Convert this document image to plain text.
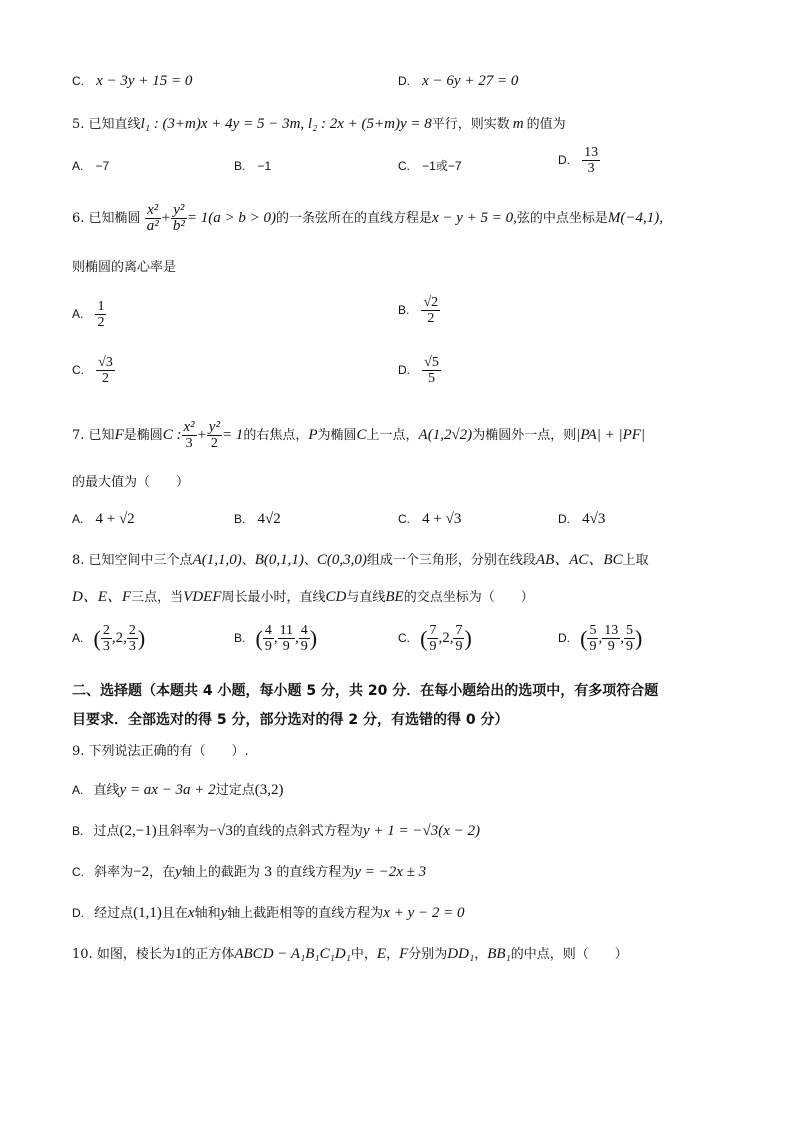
C. x − 3y + 15 = 0	D. x − 6y + 27 = 0
5. 已知直线l₁ : (3+m)x + 4y = 5 − 3m, l₂ : 2x + (5+m)y = 8平行，则实数 m 的值为
A. −7	B. −1	C. −1或−7	D. $\frac{13}{3}$
6. 已知椭圆 $\frac{\text{x²}}{\text{a²}} + \frac{\text{y²}}{\text{b²}} = 1(a > b > 0)$的一条弦所在的直线方程是x − y + 5 = 0,弦的中点坐标是M(−4,1),
则椭圆的离心率是
A. $\frac{1}{2}$	B. $\frac{√2}{2}$
C. $\frac{√3}{2}$	D. $\frac{√5}{5}$
7. 已知F是椭圆C : $\frac{\text{x²}}{3} + \frac{\text{y²}}{2} = 1$的右焦点，P为椭圆C上一点，A(1,2√2)为椭圆外一点，则|PA| + |PF|
的最大值为（　　）
A. 4 + √2	B. 4√2	C. 4 + √3	D. 4√3
8. 已知空间中三个点A(1,1,0)、B(0,1,1)、C(0,3,0)组成一个三角形，分别在线段AB、AC、BC上取
D、E、F三点，当VDEF周长最小时，直线CD与直线BE的交点坐标为（　　）
A. ( $\frac{2}{3} ,2$, $\frac{2}{3}$ )	B. ( $\frac{4}{9}$ , $\frac{11}{9}$ , $\frac{4}{9}$ )	C. ( $\frac{7}{9} ,2$, $\frac{7}{9}$ )	D. ( $\frac{5}{9}$ , $\frac{13}{9}$ , $\frac{5}{9}$ )
二、选择题（本题共 4 小题，每小题 5 分，共 20 分．在每小题给出的选项中，有多项符合题
目要求．全部选对的得 5 分，部分选对的得 2 分，有选错的得 0 分）
9. 下列说法正确的有（　　）.
A. 直线y = ax − 3a + 2过定点(3,2)
B. 过点(2,−1)且斜率为−√3的直线的点斜式方程为y + 1 = −√3(x − 2)
C. 斜率为−2，在y轴上的截距为 3 的直线方程为y = −2x ± 3
D. 经过点(1,1)且在x轴和y轴上截距相等的直线方程为x + y − 2 = 0
10. 如图，棱长为1的正方体ABCD − A₁B₁C₁D₁中，E，F分别为DD₁，BB₁的中点，则（　　）
